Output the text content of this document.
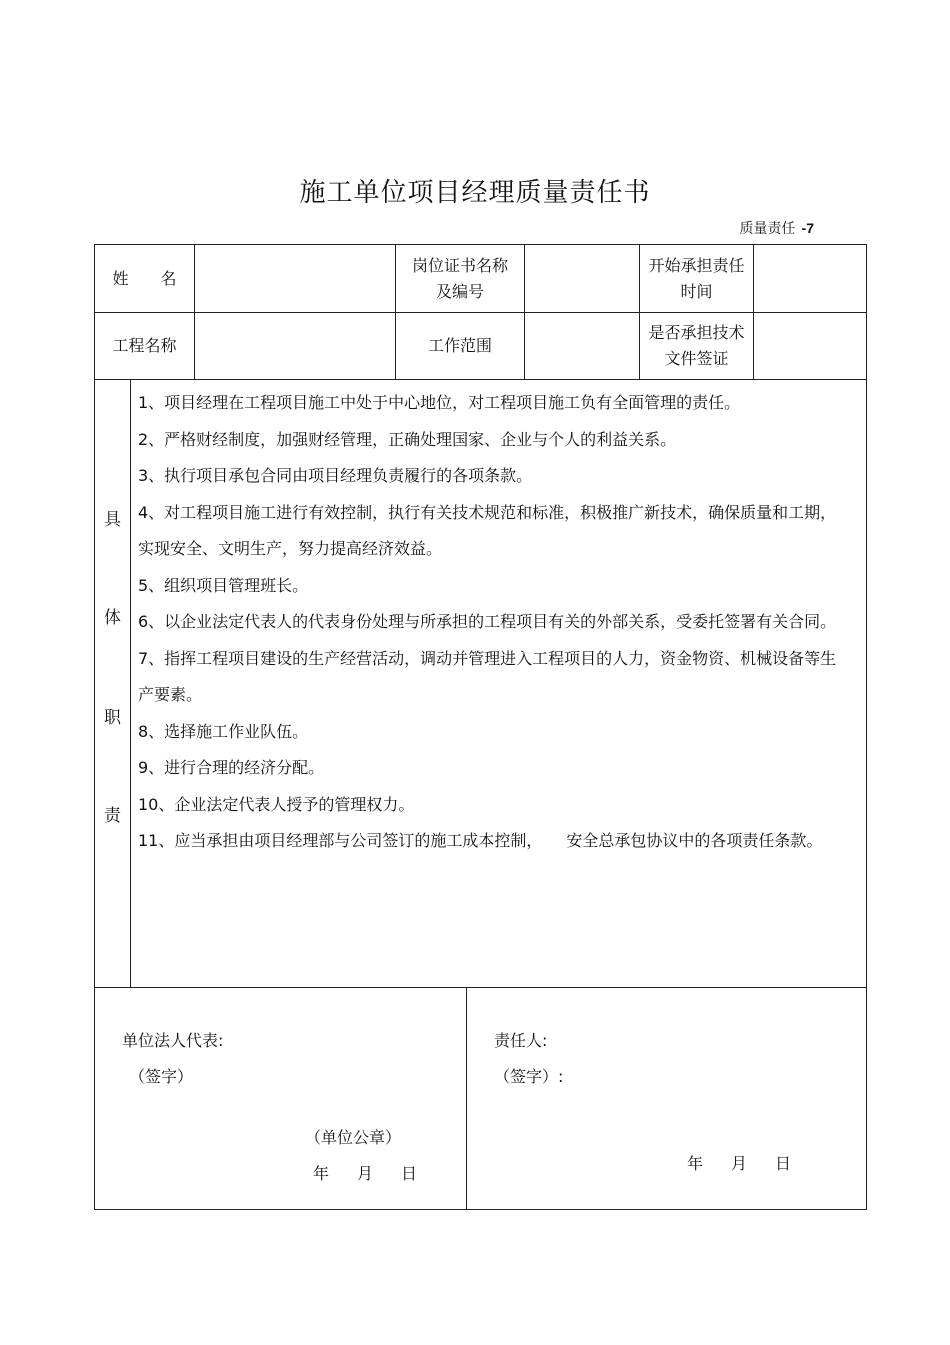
施工单位项目经理质量责任书
质量责任 -7
姓　　名
岗位证书名称及编号
开始承担责任时间
工程名称	工作范围
是否承担技术文件签证
具
体
职
责
1、项目经理在工程项目施工中处于中心地位，对工程项目施工负有全面管理的责任。
2、严格财经制度，加强财经管理，正确处理国家、企业与个人的利益关系。
3、执行项目承包合同由项目经理负责履行的各项条款。
4、对工程项目施工进行有效控制，执行有关技术规范和标准，积极推广新技术，确保质量和工期，实现安全、文明生产，努力提高经济效益。
5、组织项目管理班长。
6、以企业法定代表人的代表身份处理与所承担的工程项目有关的外部关系，受委托签署有关合同。
7、指挥工程项目建设的生产经营活动，调动并管理进入工程项目的人力，资金物资、机械设备等生产要素。
8、选择施工作业队伍。
9、进行合理的经济分配。
10、企业法定代表人授予的管理权力。
11、应当承担由项目经理部与公司签订的施工成本控制，　　安全总承包协议中的各项责任条款。
单位法人代表:
（签字）
（单位公章）
年　月　日
责任人:
（签字）:
年　月　日
